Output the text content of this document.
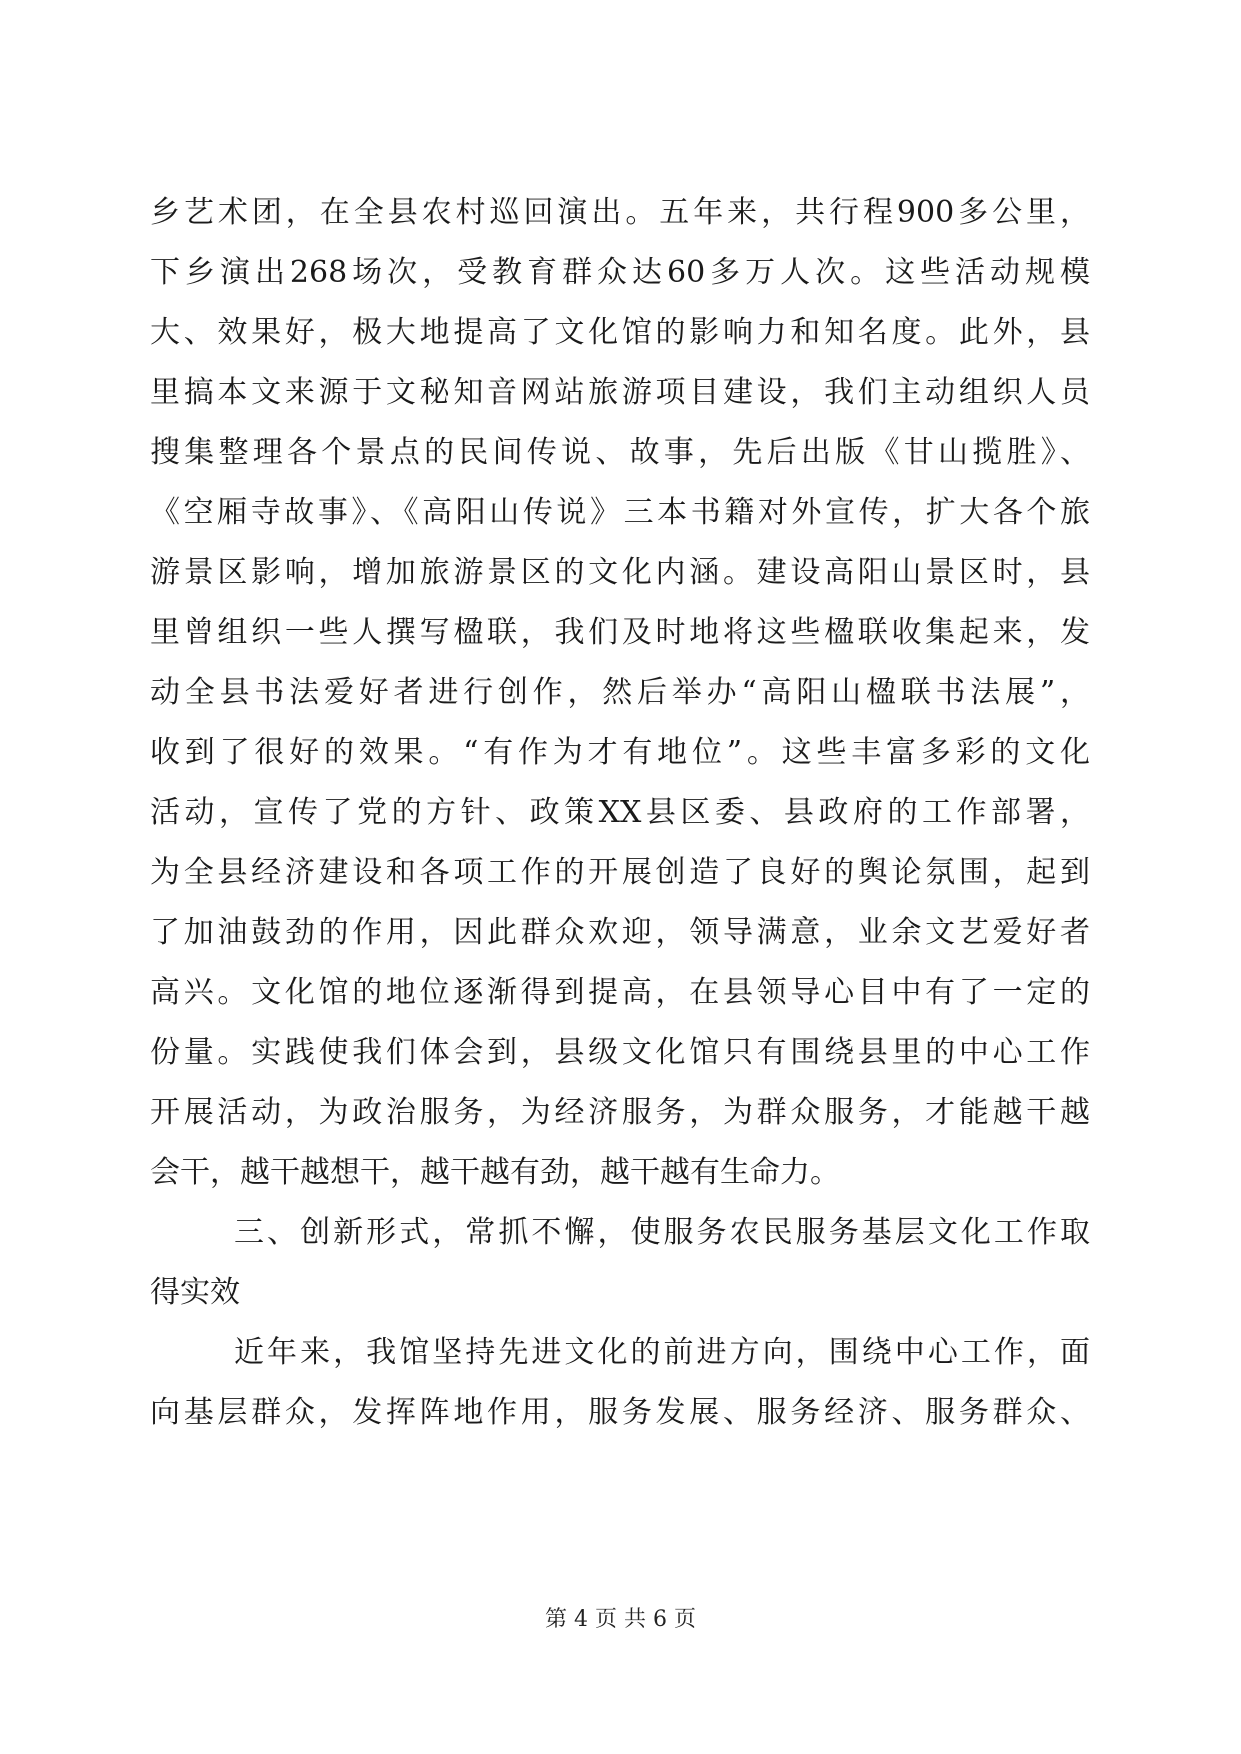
乡艺术团，在全县农村巡回演出。五年来，共行程900多公里，
下乡演出268场次，受教育群众达60多万人次。这些活动规模
大、效果好，极大地提高了文化馆的影响力和知名度。此外，县
里搞本文来源于文秘知音网站旅游项目建设，我们主动组织人员
搜集整理各个景点的民间传说、故事，先后出版《甘山揽胜》、
《空厢寺故事》、《高阳山传说》三本书籍对外宣传，扩大各个旅
游景区影响，增加旅游景区的文化内涵。建设高阳山景区时，县
里曾组织一些人撰写楹联，我们及时地将这些楹联收集起来，发
动全县书法爱好者进行创作，然后举办“高阳山楹联书法展”，
收到了很好的效果。“有作为才有地位”。这些丰富多彩的文化
活动，宣传了党的方针、政策XX县区委、县政府的工作部署，
为全县经济建设和各项工作的开展创造了良好的舆论氛围，起到
了加油鼓劲的作用，因此群众欢迎，领导满意，业余文艺爱好者
高兴。文化馆的地位逐渐得到提高，在县领导心目中有了一定的
份量。实践使我们体会到，县级文化馆只有围绕县里的中心工作
开展活动，为政治服务，为经济服务，为群众服务，才能越干越
会干，越干越想干，越干越有劲，越干越有生命力。
三、创新形式，常抓不懈，使服务农民服务基层文化工作取
得实效
近年来，我馆坚持先进文化的前进方向，围绕中心工作，面
向基层群众，发挥阵地作用，服务发展、服务经济、服务群众、
第 4 页 共 6 页
